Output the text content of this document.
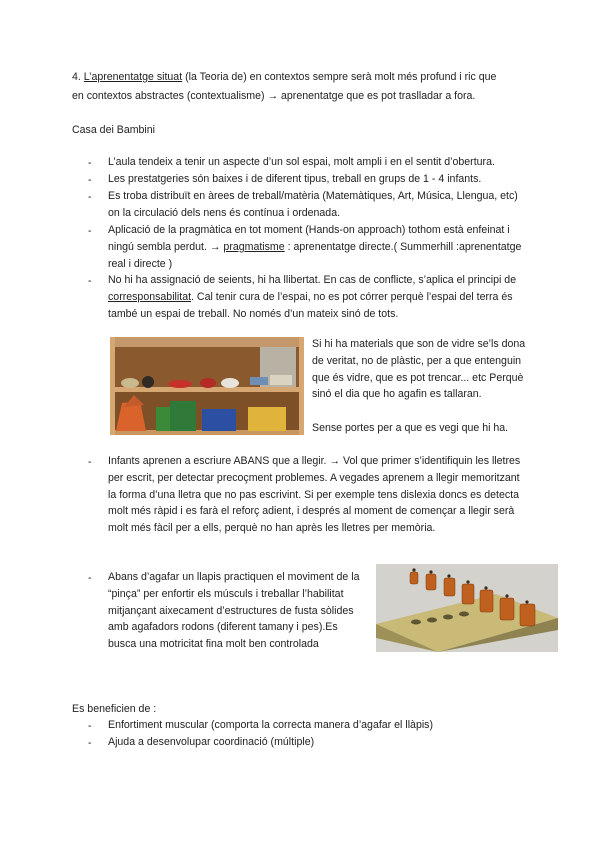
4. L’aprenentatge situat (la Teoria de) en contextos sempre serà molt més profund i ric que
en contextos abstractes (contextualisme) → aprenentatge que es pot traslladar a fora.
Casa dei Bambini
- L’aula tendeix a tenir un aspecte d’un sol espai, molt ampli i en el sentit d’obertura.
- Les prestatgeries són baixes i de diferent tipus, treball en grups de 1 - 4 infants.
- Es troba distribuït en àrees de treball/matèria (Matemàtiques, Art, Música, Llengua, etc) on la circulació dels nens és contínua i ordenada.
- Aplicació de la pragmàtica en tot moment (Hands-on approach) tothom està enfeinat i ningú sembla perdut. → pragmatisme : aprenentatge directe.( Summerhill :aprenentatge real i directe )
- No hi ha assignació de seients, hi ha llibertat. En cas de conflicte, s’aplica el principi de corresponsabilitat. Cal tenir cura de l’espai, no es pot córrer perquè l’espai del terra és també un espai de treball. No només d’un mateix sinó de tots.
Si hi ha materials que son de vidre se’ls dona de veritat, no de plàstic, per a que entenguin que és vidre, que es pot trencar... etc Perquè sinó el dia que ho agafin es tallaran.
Sense portes per a que es vegi que hi ha.
- Infants aprenen a escriure ABANS que a llegir. → Vol que primer s’identifiquin les lletres per escrit, per detectar precoçment problemes. A vegades aprenem a llegir memoritzant la forma d’una lletra que no pas escrivint. Si per exemple tens dislexia doncs es detecta molt més ràpid i es farà el reforç adient, i després al moment de començar a llegir serà molt més fàcil per a ells, perquè no han après les lletres per memòria.
- Abans d’agafar un llapis practiquen el moviment de la “pinça” per enfortir els músculs i treballar l’habilitat mitjançant aixecament d’estructures de fusta sòlides amb agafadors rodons (diferent tamany i pes).Es busca una motricitat fina molt ben controlada
Es beneficien de :
- Enfortiment muscular (comporta la correcta manera d’agafar el llàpis)
- Ajuda a desenvolupar coordinació (múltiple)
